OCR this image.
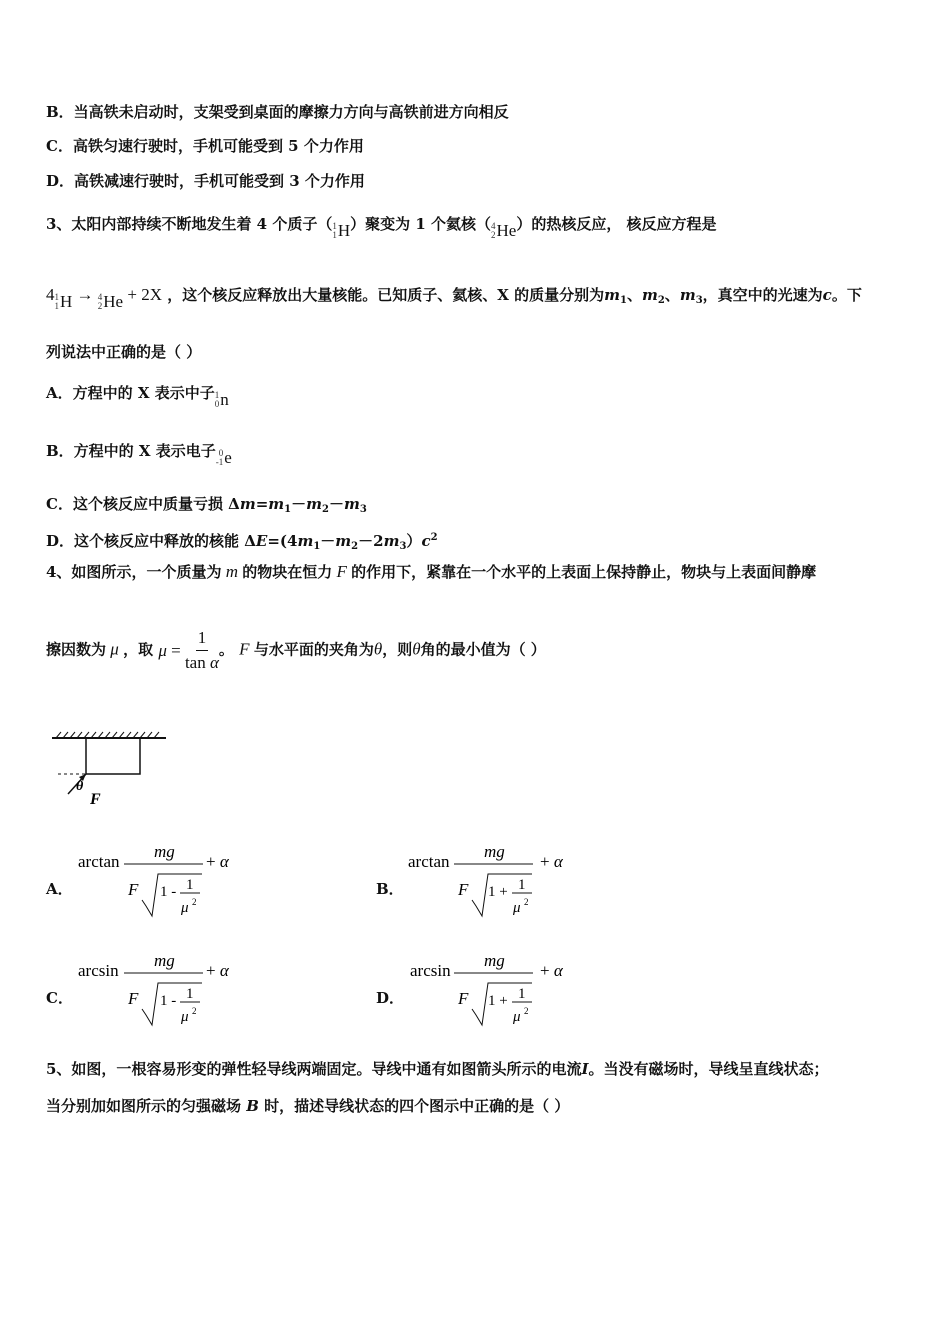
B．当高铁未启动时，支架受到桌面的摩擦力方向与高铁前进方向相反
C．高铁匀速行驶时，手机可能受到 5 个力作用
D．高铁减速行驶时，手机可能受到 3 个力作用
3、太阳内部持续不断地发生着 4 个质子（ 1
1 H ）聚变为 1 个氦核（ 4
2 He ）的热核反应， 核反应方程是
4 1
1 H → 4
2 He + 2X ，这个核反应释放出大量核能。已知质子、氦核、X 的质量分别为$m_1$、$m_2$、$m_3$，真空中的光速为c。下
列说法中正确的是（ ）
A．方程中的 X 表示中子 1
0 n
B．方程中的 X 表示电子 0
-1 e
C．这个核反应中质量亏损 $\Delta m=m_1-m_2-m_3$
D．这个核反应中释放的核能 $\Delta E=(4m_1-m_2-2m_3)c^2$
4、如图所示，一个质量为 m 的物块在恒力 F 的作用下，紧靠在一个水平的上表面上保持静止，物块与上表面间静摩
擦因数为 μ ，取 $\mu = \frac{1}{\text{tan α}}$ 。 F 与水平面的夹角为θ，则θ角的最小值为（ ）
θ
F
A．	B．
C．	D．
arctan
mg
+ α
F 1 - 1
μ 2
arctan
mg
+ α
F 1 + 1
μ 2
arcsin
mg
+ α
F 1 - 1
μ 2
arcsin
mg
+ α
F 1 + 1
μ 2
5、如图，一根容易形变的弹性轻导线两端固定。导线中通有如图箭头所示的电流I。当没有磁场时，导线呈直线状态；
当分别加如图所示的匀强磁场 B 时，描述导线状态的四个图示中正确的是（ ）
